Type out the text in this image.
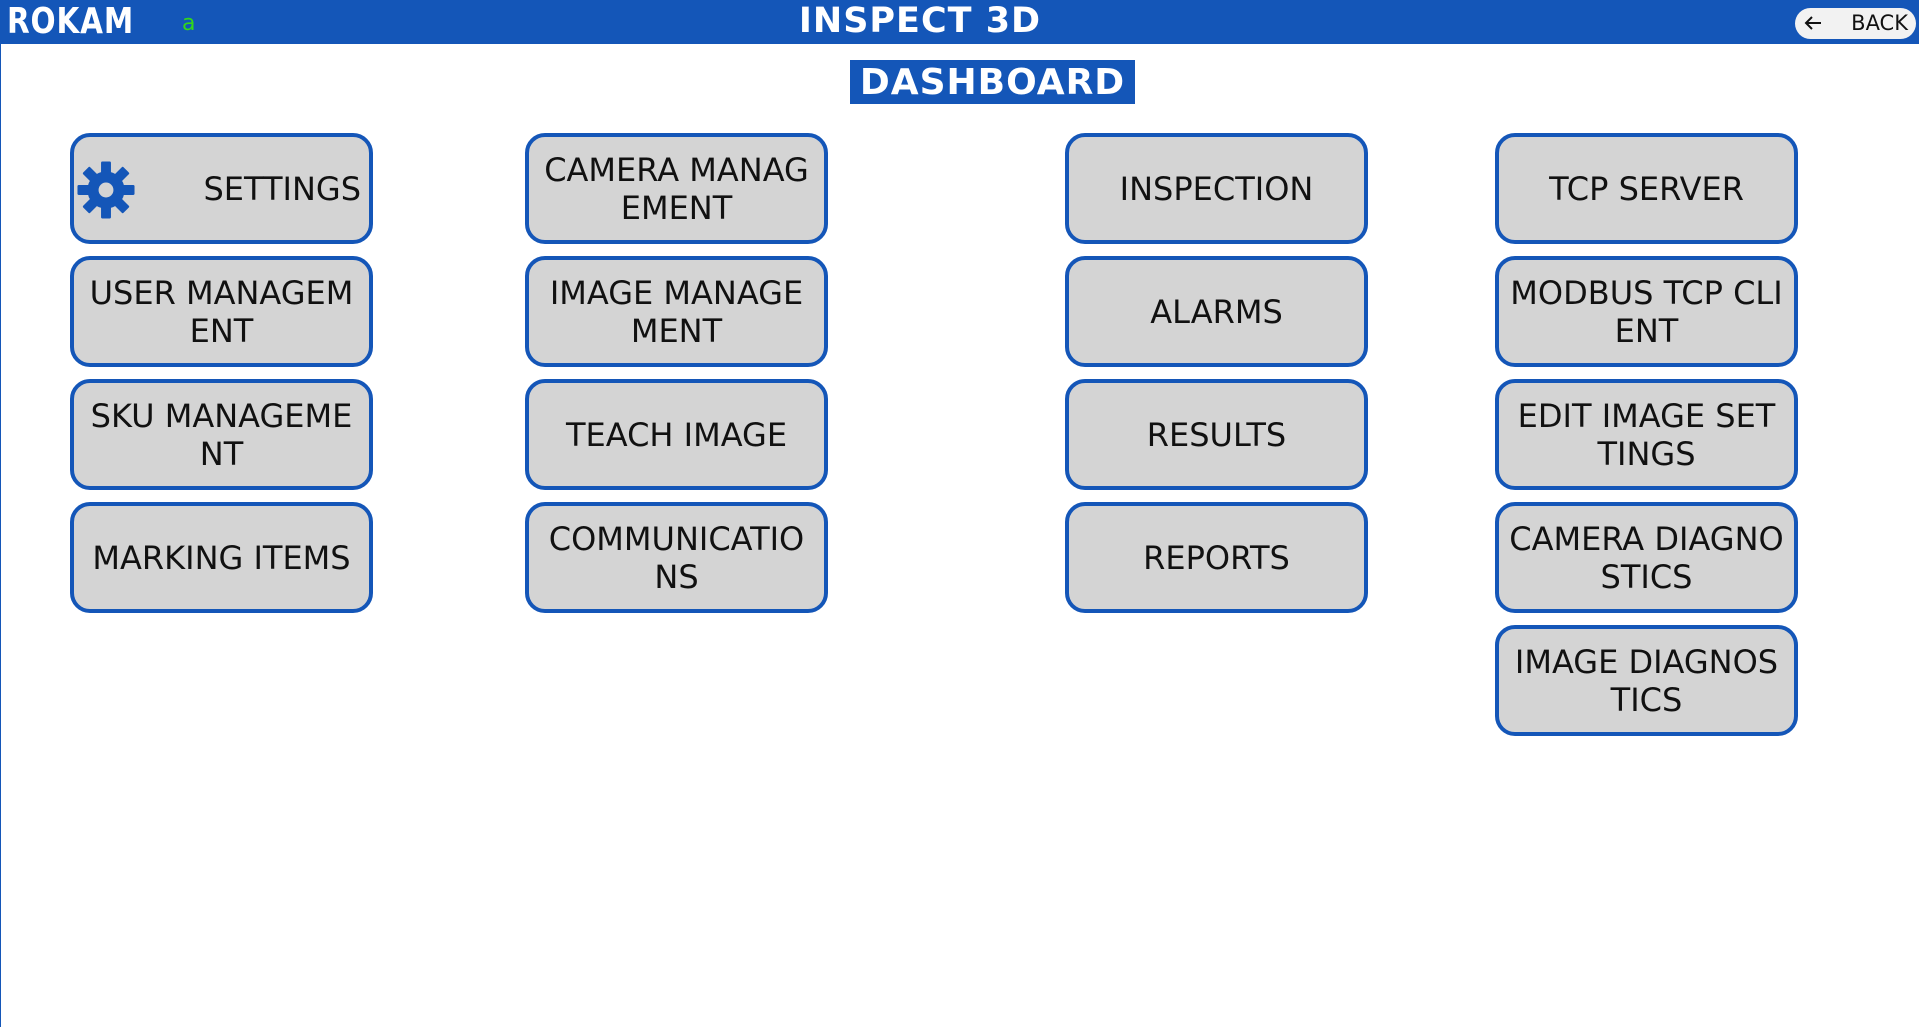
ROKAM a	INSPECT 3D	BACK
DASHBOARD
SETTINGS
USER MANAGEMENT
SKU MANAGEMENT
MARKING ITEMS
CAMERA MANAGEMENT
IMAGE MANAGEMENT
TEACH IMAGE
COMMUNICATIONS
INSPECTION
ALARMS
RESULTS
REPORTS
TCP SERVER
MODBUS TCP CLIENT
EDIT IMAGE SETTINGS
CAMERA DIAGNOSTICS
IMAGE DIAGNOSTICS
